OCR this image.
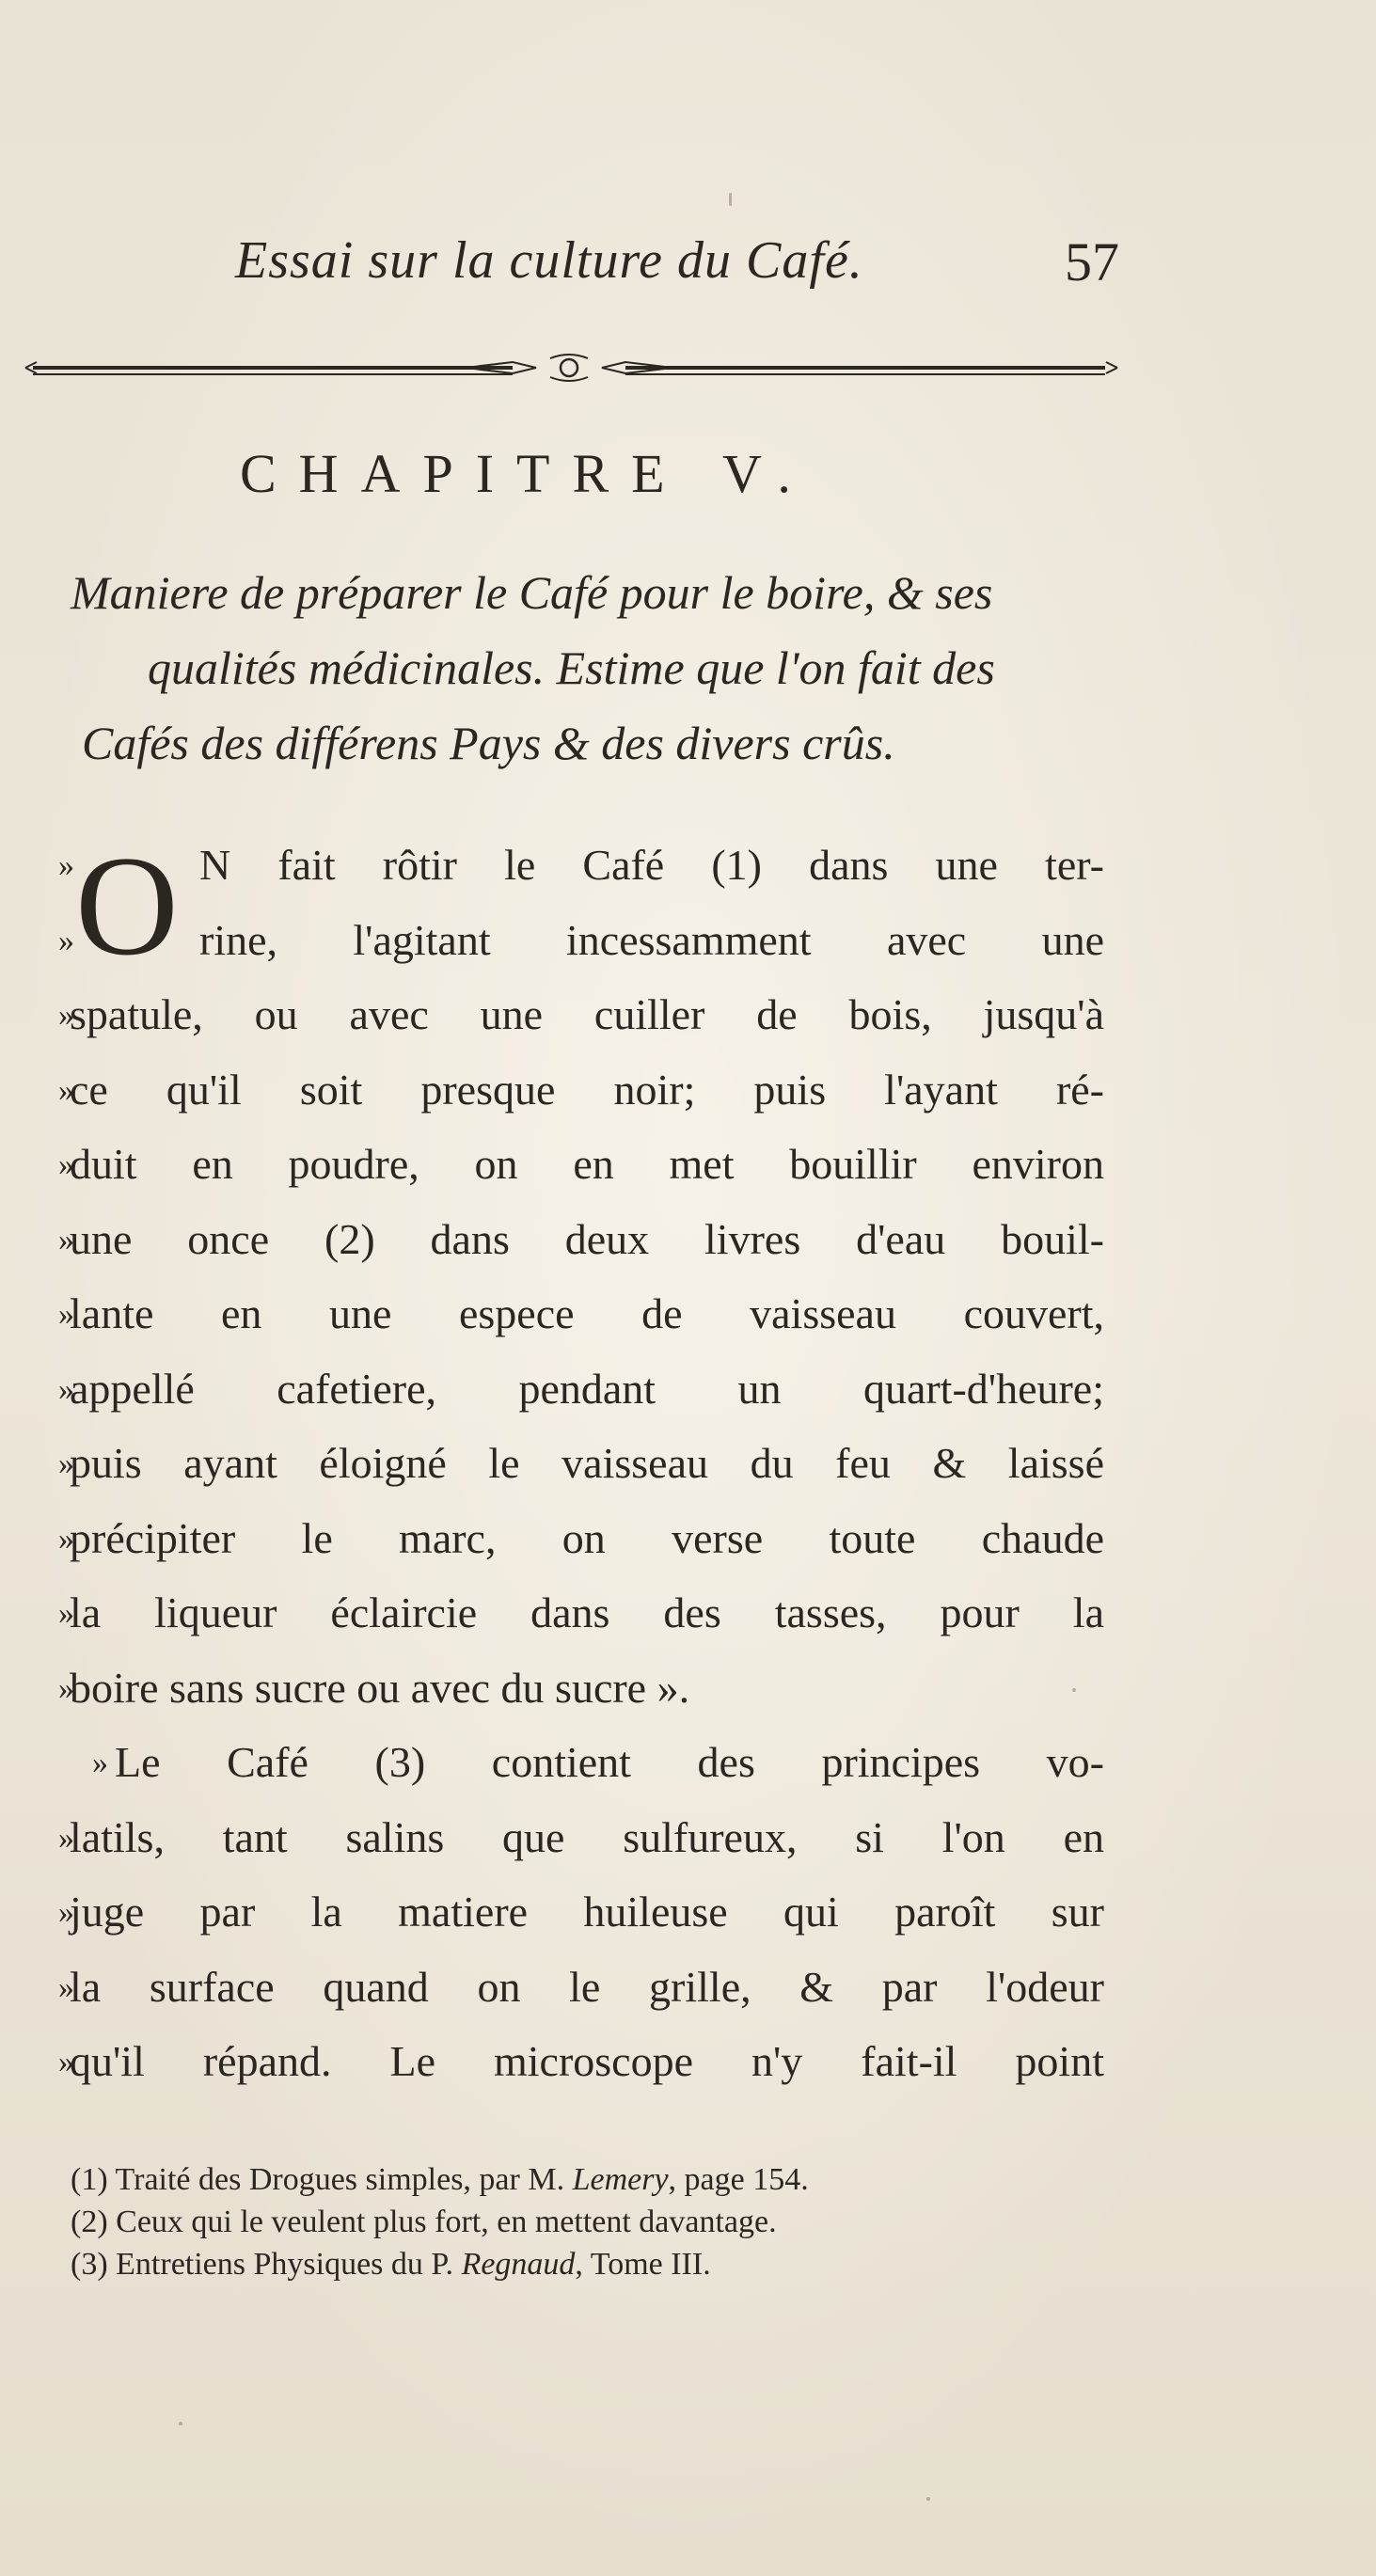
Essai sur la culture du Café.	57
CHAPITRE V.
Maniere de préparer le Café pour le boire, & ses
qualités médicinales. Estime que l'on fait des
Cafés des différens Pays & des divers crûs.
O
»	N fait rôtir le Café (1) dans une ter-
»	rine, l'agitant incessamment avec une
»
spatule, ou avec une cuiller de bois, jusqu'à
»
ce qu'il soit presque noir; puis l'ayant ré-
»
duit en poudre, on en met bouillir environ
»
une once (2) dans deux livres d'eau bouil-
»
lante en une espece de vaisseau couvert,
»
appellé cafetiere, pendant un quart-d'heure;
»
puis ayant éloigné le vaisseau du feu & laissé
»
précipiter le marc, on verse toute chaude
»
la liqueur éclaircie dans des tasses, pour la
»
boire sans sucre ou avec du sucre ».
» Le Café (3) contient des principes vo-
»
latils, tant salins que sulfureux, si l'on en
»
juge par la matiere huileuse qui paroît sur
»
la surface quand on le grille, & par l'odeur
»
qu'il répand. Le microscope n'y fait-il point
(1) Traité des Drogues simples, par M. Lemery, page 154.
(2) Ceux qui le veulent plus fort, en mettent davantage.
(3) Entretiens Physiques du P. Regnaud, Tome III.
